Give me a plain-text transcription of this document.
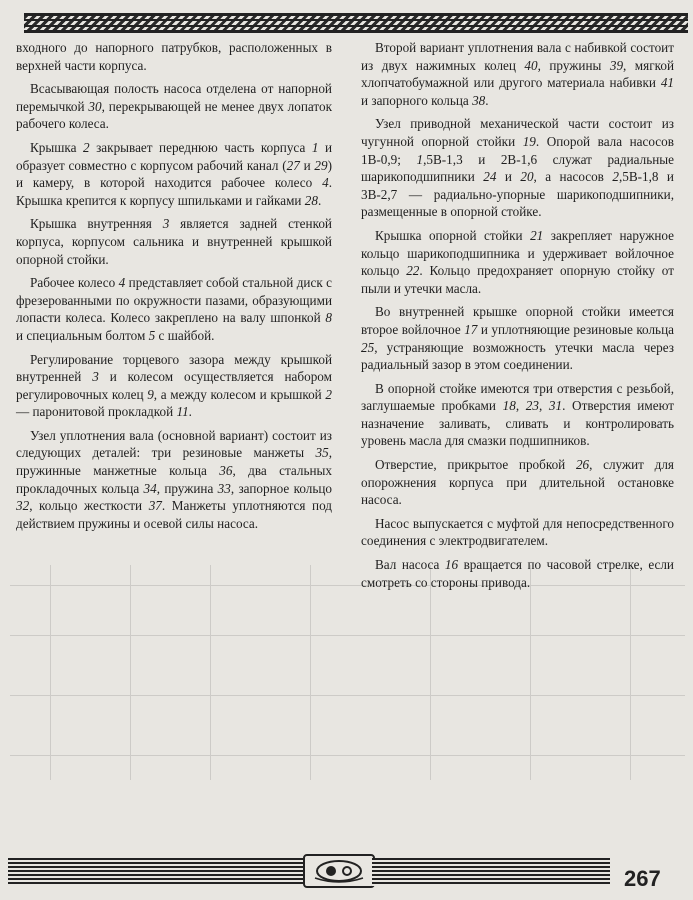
входного до напорного патрубков, расположенных в верхней части корпуса.

Всасывающая полость насоса отделена от напорной перемычкой 30, перекрывающей не менее двух лопаток рабочего колеса.

Крышка 2 закрывает переднюю часть корпуса 1 и образует совместно с корпусом рабочий канал (27 и 29) и камеру, в которой находится рабочее колесо 4. Крышка крепится к корпусу шпильками и гайками 28.

Крышка внутренняя 3 является задней стенкой корпуса, корпусом сальника и внутренней крышкой опорной стойки.

Рабочее колесо 4 представляет собой стальной диск с фрезерованными по окружности пазами, образующими лопасти колеса. Колесо закреплено на валу шпонкой 8 и специальным болтом 5 с шайбой.

Регулирование торцевого зазора между крышкой внутренней 3 и колесом осуществляется набором регулировочных колец 9, а между колесом и крышкой 2 — паронитовой прокладкой 11.

Узел уплотнения вала (основной вариант) состоит из следующих деталей: три резиновые манжеты 35, пружинные манжетные кольца 36, два стальных прокладочных кольца 34, пружина 33, запорное кольцо 32, кольцо жесткости 37. Манжеты уплотняются под действием пружины и осевой силы насоса.

Второй вариант уплотнения вала с набивкой состоит из двух нажимных колец 40, пружины 39, мягкой хлопчатобумажной или другого материала набивки 41 и запорного кольца 38.

Узел приводной механической части состоит из чугунной опорной стойки 19. Опорой вала насосов 1В-0,9; 1,5В-1,3 и 2В-1,6 служат радиальные шарикоподшипники 24 и 20, а насосов 2,5В-1,8 и 3В-2,7 — радиально-упорные шарикоподшипники, размещенные в опорной стойке.

Крышка опорной стойки 21 закрепляет наружное кольцо шарикоподшипника и удерживает войлочное кольцо 22. Кольцо предохраняет опорную стойку от пыли и утечки масла.

Во внутренней крышке опорной стойки имеется второе войлочное 17 и уплотняющие резиновые кольца 25, устраняющие возможность утечки масла через радиальный зазор в этом соединении.

В опорной стойке имеются три отверстия с резьбой, заглушаемые пробками 18, 23, 31. Отверстия имеют назначение заливать, сливать и контролировать уровень масла для смазки подшипников.

Отверстие, прикрытое пробкой 26, служит для опорожнения корпуса при длительной остановке насоса.

Насос выпускается с муфтой для непосредственного соединения с электродвигателем.

Вал насоса 16 вращается по часовой стрелке, если смотреть со стороны привода.

267
